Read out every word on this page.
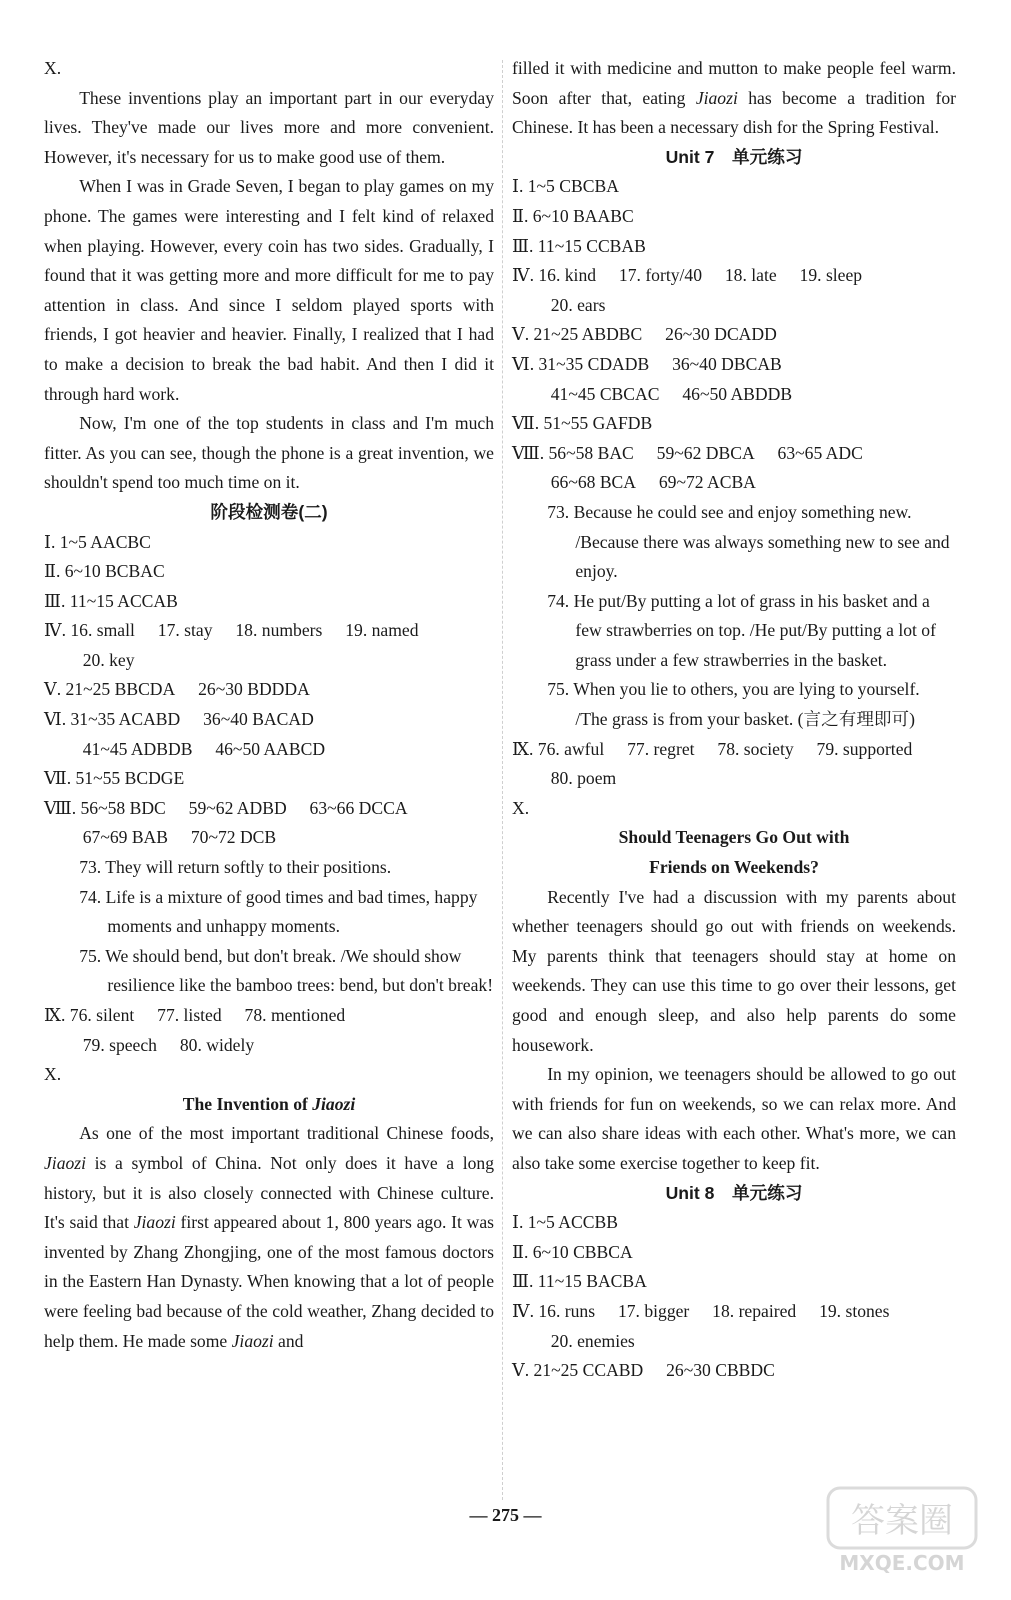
X.

These inventions play an important part in our everyday lives. They've made our lives more and more convenient. However, it's necessary for us to make good use of them.

When I was in Grade Seven, I began to play games on my phone. The games were interesting and I felt kind of relaxed when playing. However, every coin has two sides. Gradually, I found that it was getting more and more difficult for me to pay attention in class. And since I seldom played sports with friends, I got heavier and heavier. Finally, I realized that I had to make a decision to break the bad habit. And then I did it through hard work.

Now, I'm one of the top students in class and I'm much fitter. As you can see, though the phone is a great invention, we shouldn't spend too much time on it.

阶段检测卷(二)

Ⅰ. 1~5 AACBC

Ⅱ. 6~10 BCBAC

Ⅲ. 11~15 ACCAB

Ⅳ. 16. small 17. stay 18. numbers 19. named

20. key

Ⅴ. 21~25 BBCDA 26~30 BDDDA

Ⅵ. 31~35 ACABD 36~40 BACAD

41~45 ADBDB 46~50 AABCD

Ⅶ. 51~55 BCDGE

Ⅷ. 56~58 BDC 59~62 ADBD 63~66 DCCA

67~69 BAB 70~72 DCB

73. They will return softly to their positions.

74. Life is a mixture of good times and bad times, happy moments and unhappy moments.

75. We should bend, but don't break. /We should show resilience like the bamboo trees: bend, but don't break!

Ⅸ. 76. silent 77. listed 78. mentioned

79. speech 80. widely

X.

The Invention of Jiaozi

As one of the most important traditional Chinese foods, Jiaozi is a symbol of China. Not only does it have a long history, but it is also closely connected with Chinese culture. It's said that Jiaozi first appeared about 1, 800 years ago. It was invented by Zhang Zhongjing, one of the most famous doctors in the Eastern Han Dynasty. When knowing that a lot of people were feeling bad because of the cold weather, Zhang decided to help them. He made some Jiaozi and

filled it with medicine and mutton to make people feel warm. Soon after that, eating Jiaozi has become a tradition for Chinese. It has been a necessary dish for the Spring Festival.

Unit 7　单元练习

Ⅰ. 1~5 CBCBA

Ⅱ. 6~10 BAABC

Ⅲ. 11~15 CCBAB

Ⅳ. 16. kind 17. forty/40 18. late 19. sleep

20. ears

Ⅴ. 21~25 ABDBC 26~30 DCADD

Ⅵ. 31~35 CDADB 36~40 DBCAB

41~45 CBCAC 46~50 ABDDB

Ⅶ. 51~55 GAFDB

Ⅷ. 56~58 BAC 59~62 DBCA 63~65 ADC

66~68 BCA 69~72 ACBA

73. Because he could see and enjoy something new. /Because there was always something new to see and enjoy.

74. He put/By putting a lot of grass in his basket and a few strawberries on top. /He put/By putting a lot of grass under a few strawberries in the basket.

75. When you lie to others, you are lying to yourself. /The grass is from your basket. (言之有理即可)

Ⅸ. 76. awful 77. regret 78. society 79. supported

80. poem

X.

Should Teenagers Go Out with

Friends on Weekends?

Recently I've had a discussion with my parents about whether teenagers should go out with friends on weekends. My parents think that teenagers should stay at home on weekends. They can use this time to go over their lessons, get good and enough sleep, and also help parents do some housework.

In my opinion, we teenagers should be allowed to go out with friends for fun on weekends, so we can relax more. And we can also share ideas with each other. What's more, we can also take some exercise together to keep fit.

Unit 8　单元练习

Ⅰ. 1~5 ACCBB

Ⅱ. 6~10 CBBCA

Ⅲ. 11~15 BACBA

Ⅳ. 16. runs 17. bigger 18. repaired 19. stones

20. enemies

Ⅴ. 21~25 CCABD 26~30 CBBDC

— 275 —	答案圈
MXQE.COM
